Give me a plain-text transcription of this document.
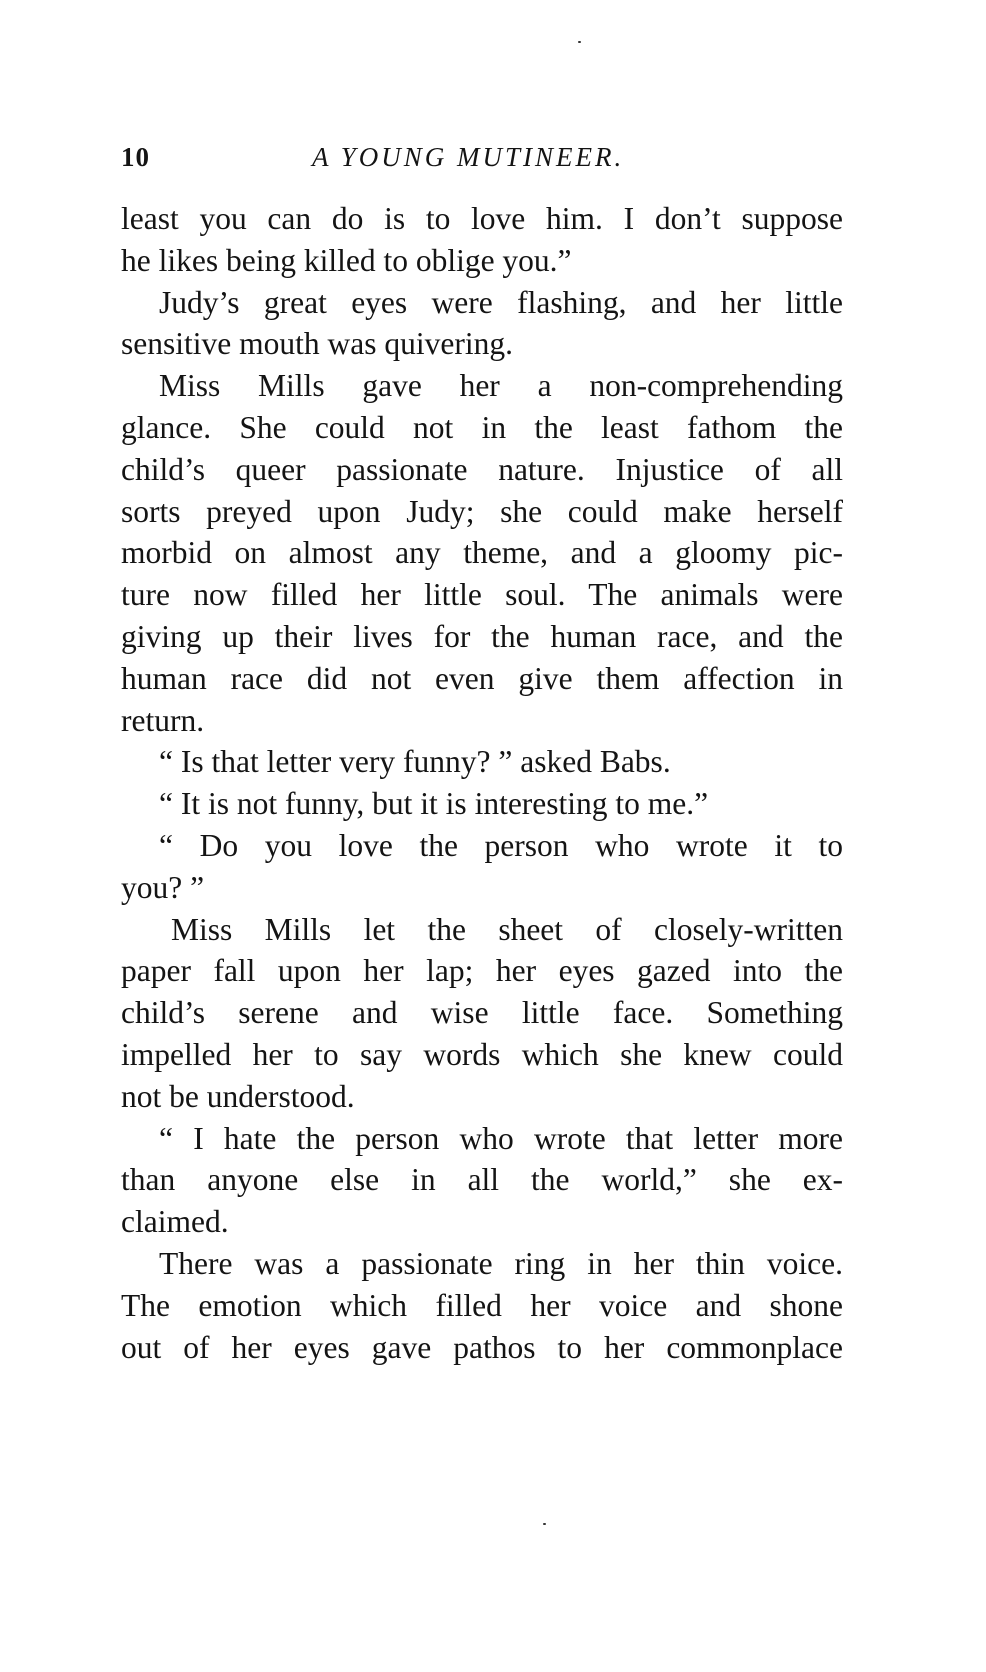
10	A YOUNG MUTINEER.
least you can do is to love him. I don’t suppose
he likes being killed to oblige you.”
Judy’s great eyes were flashing, and her little
sensitive mouth was quivering.
Miss Mills gave her a non-comprehending
glance. She could not in the least fathom the
child’s queer passionate nature. Injustice of all
sorts preyed upon Judy; she could make herself
morbid on almost any theme, and a gloomy pic-
ture now filled her little soul. The animals were
giving up their lives for the human race, and the
human race did not even give them affection in
return.
“ Is that letter very funny? ” asked Babs.
“ It is not funny, but it is interesting to me.”
“ Do you love the person who wrote it to
you? ”
Miss Mills let the sheet of closely-written
paper fall upon her lap; her eyes gazed into the
child’s serene and wise little face. Something
impelled her to say words which she knew could
not be understood.
“ I hate the person who wrote that letter more
than anyone else in all the world,” she ex-
claimed.
There was a passionate ring in her thin voice.
The emotion which filled her voice and shone
out of her eyes gave pathos to her commonplace
